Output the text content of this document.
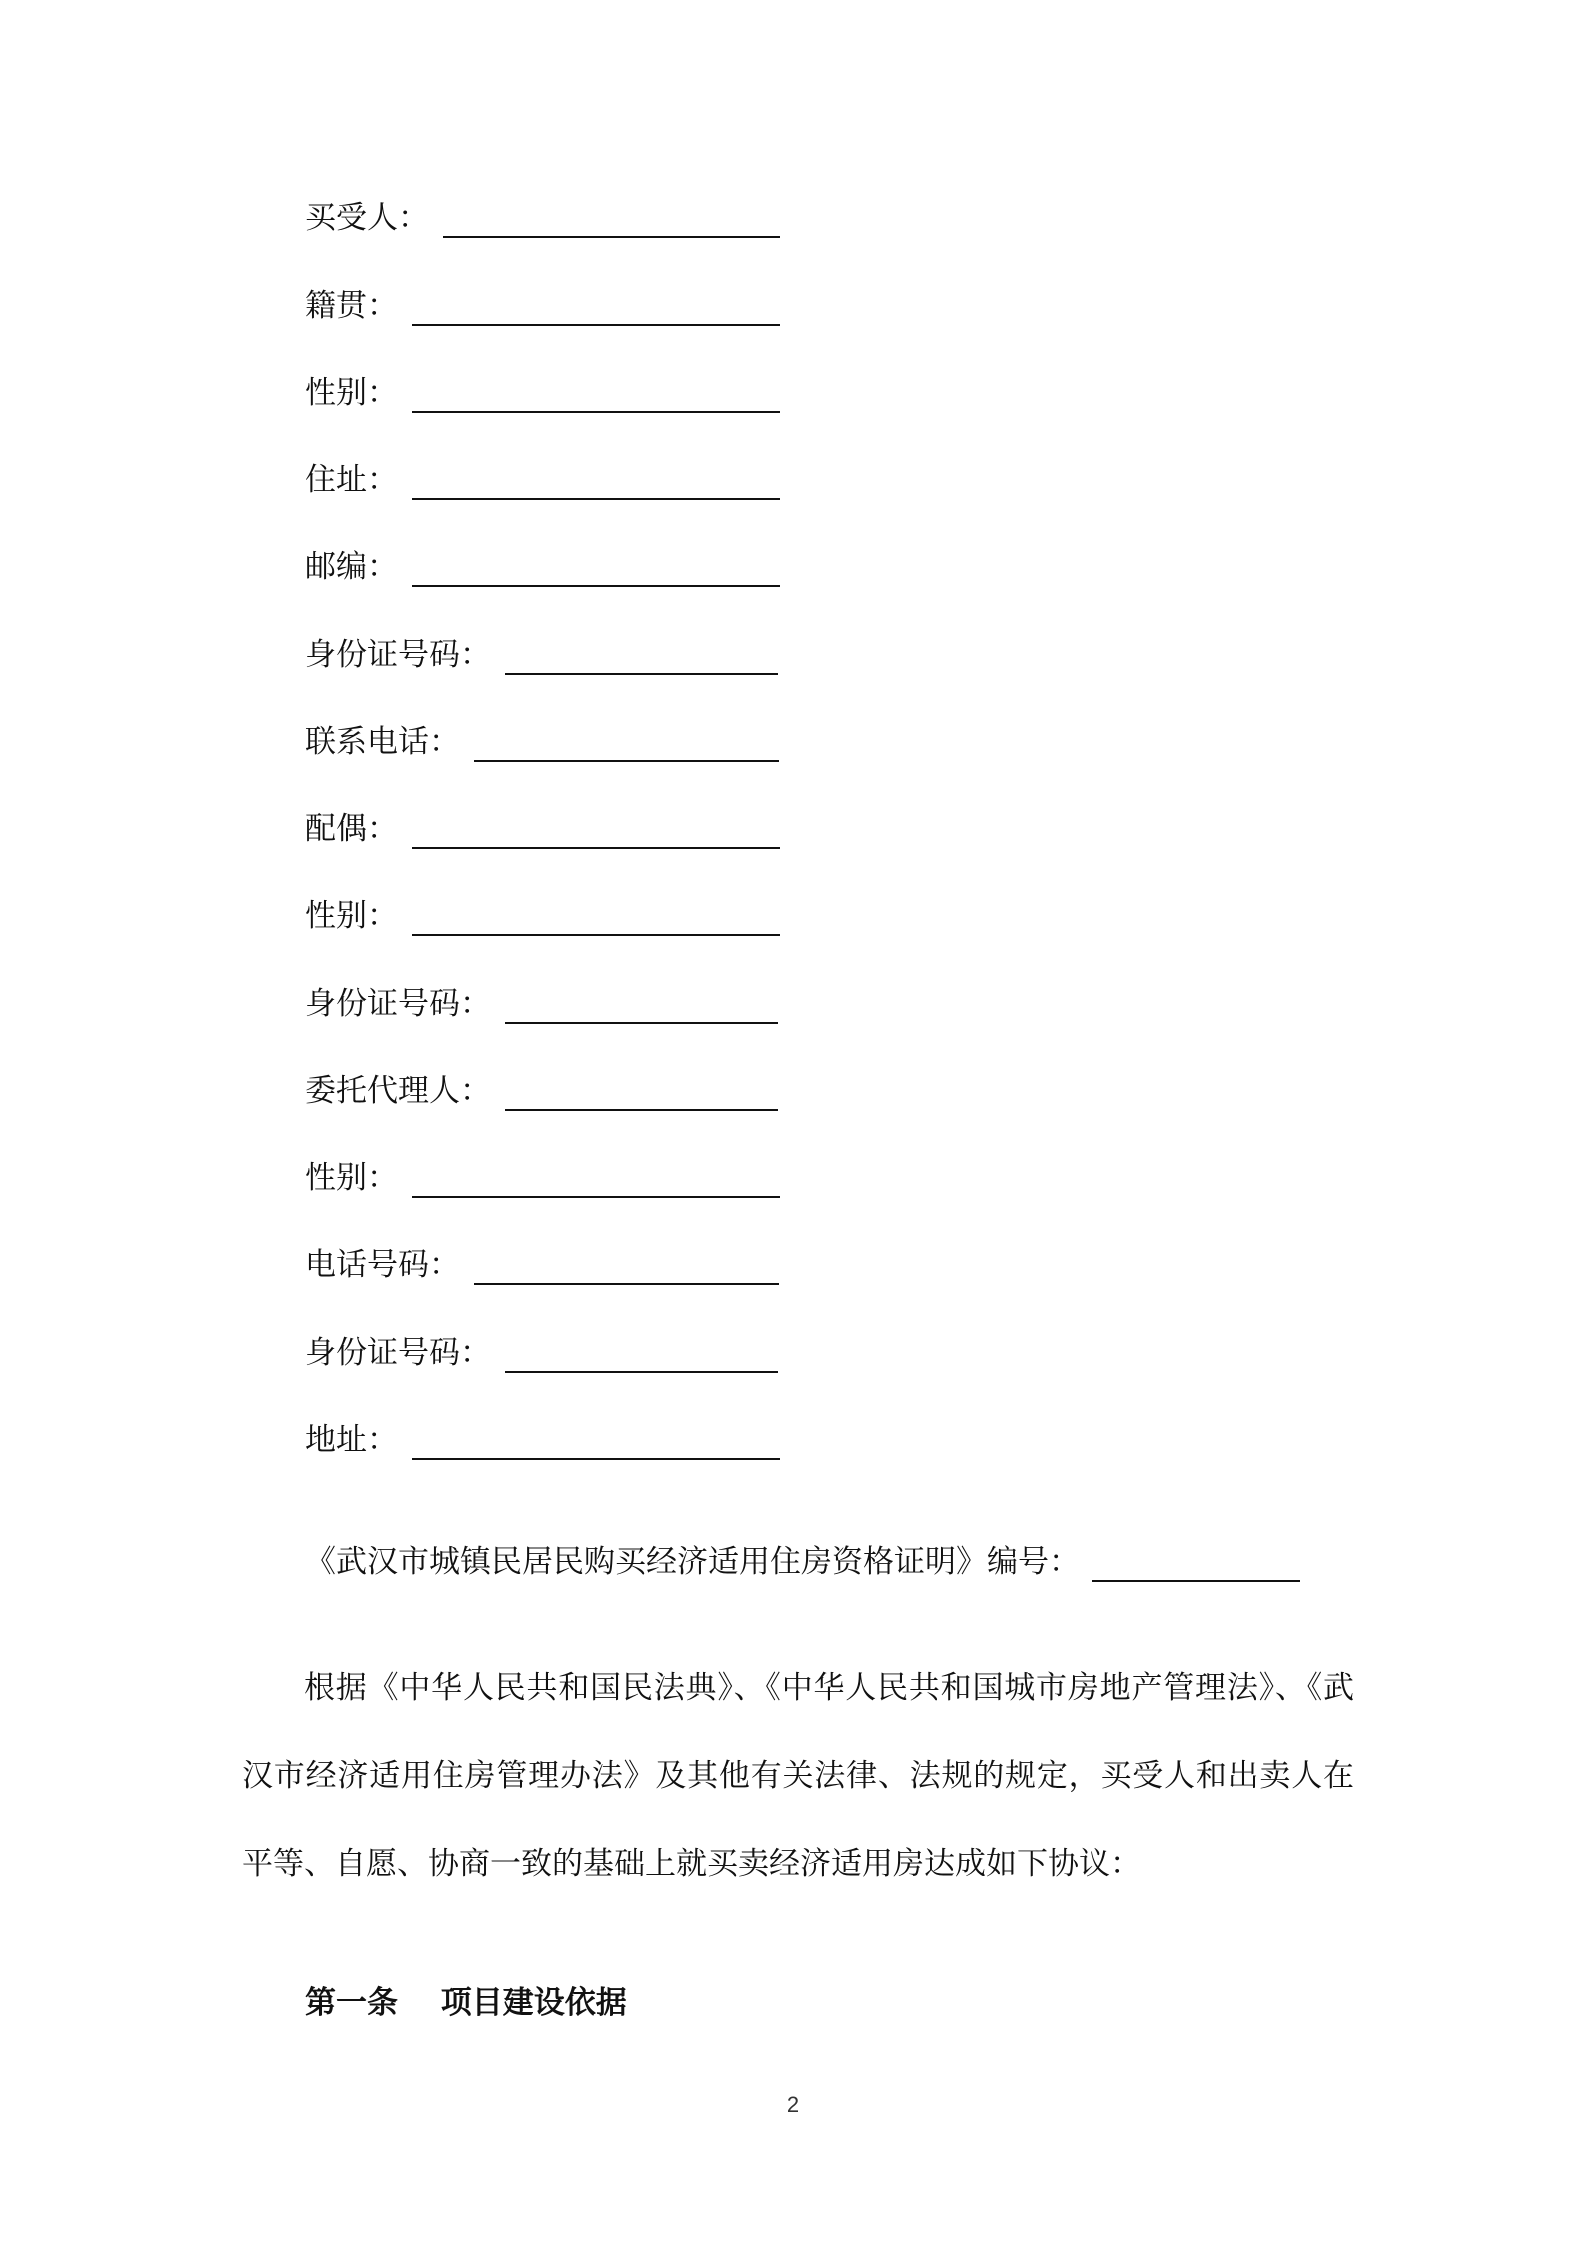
买受人：
籍贯：
性别：
住址：
邮编：
身份证号码：
联系电话：
配偶：
性别：
身份证号码：
委托代理人：
性别：
电话号码：
身份证号码：
地址：
《武汉市城镇民居民购买经济适用住房资格证明》编号：

根据《中华人民共和国民法典》、《中华人民共和国城市房地产管理法》、《武汉市经济适用住房管理办法》及其他有关法律、法规的规定，买受人和出卖人在平等、自愿、协商一致的基础上就买卖经济适用房达成如下协议：

第一条 项目建设依据
2
